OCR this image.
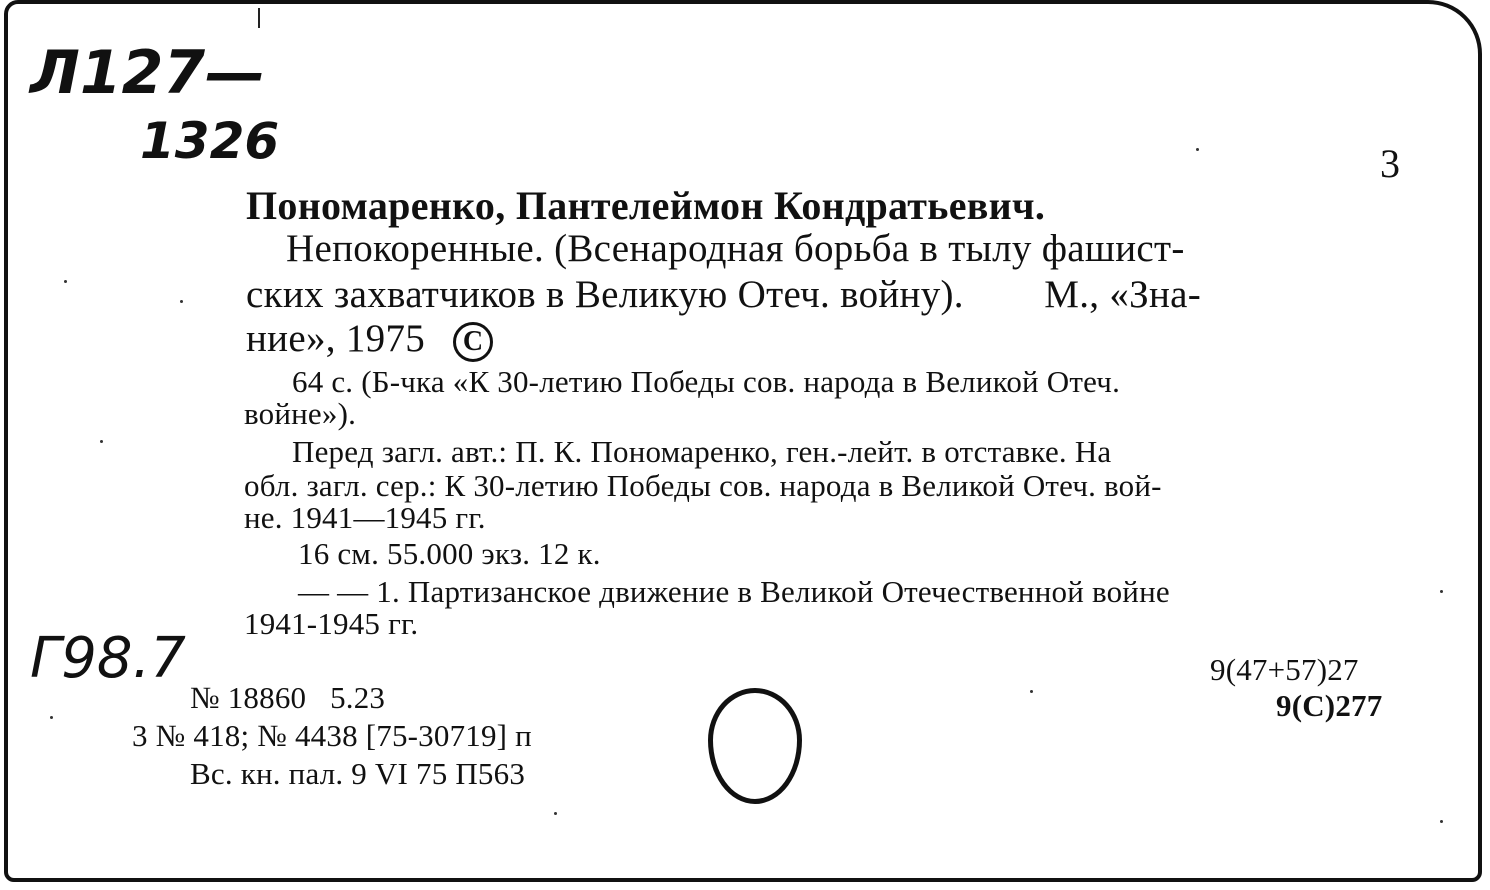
Л127—
1326
Г98.7
3
Пономаренко, Пантелеймон Кондратьевич.
Непокоренные. (Всенародная борьба в тылу фашист-
ских захватчиков в Великую Отеч. войну).        М., «Зна-
ние», 1975 C
64 с. (Б-чка «К 30-летию Победы сов. народа в Великой Отеч.
войне»).
Перед загл. авт.: П. К. Пономаренко, ген.-лейт. в отставке. На
обл. загл. сер.: К 30-летию Победы сов. народа в Великой Отеч. вой-
не. 1941—1945 гг.
16 см. 55.000 экз. 12 к.
— — 1. Партизанское движение в Великой Отечественной войне
1941-1945 гг.
9(47+57)27
9(С)277
№ 18860   5.23
3 № 418; № 4438 [75-30719] п
Вс. кн. пал. 9 VI 75 П563
